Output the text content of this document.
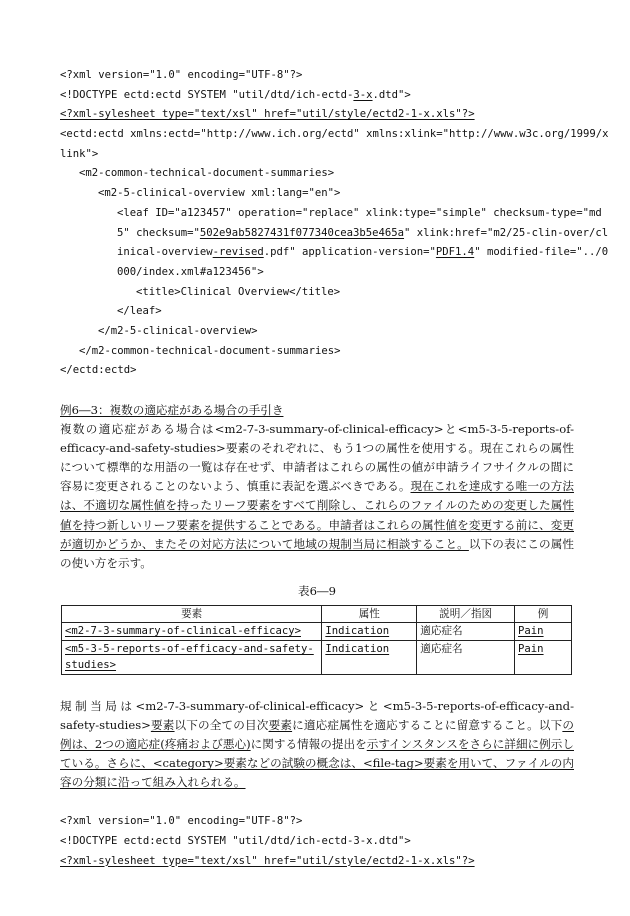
<?xml version="1.0" encoding="UTF-8"?>
<!DOCTYPE ectd:ectd SYSTEM "util/dtd/ich-ectd-3-x.dtd">
<?xml-sylesheet type="text/xsl" href="util/style/ectd2-1-x.xls"?>
<ectd:ectd xmlns:ectd="http://www.ich.org/ectd" xmlns:xlink="http://www.w3c.org/1999/x
link">
<m2-common-technical-document-summaries>
<m2-5-clinical-overview xml:lang="en">
<leaf ID="a123457" operation="replace" xlink:type="simple" checksum-type="md
5" checksum="502e9ab5827431f077340cea3b5e465a" xlink:href="m2/25-clin-over/cl
inical-overview-revised.pdf" application-version="PDF1.4" modified-file="../0
000/index.xml#a123456">
<title>Clinical Overview</title>
</leaf>
</m2-5-clinical-overview>
</m2-common-technical-document-summaries>
</ectd:ectd>
例6―3：複数の適応症がある場合の手引き
複数の適応症がある場合は<m2-7-3-summary-of-clinical-efficacy>と<m5-3-5-reports-of-efficacy-and-safety-studies>要素のそれぞれに、もう1つの属性を使用する。現在これらの属性について標準的な用語の一覧は存在せず、申請者はこれらの属性の値が申請ライフサイクルの間に容易に変更されることのないよう、慎重に表記を選ぶべきである。現在これを達成する唯一の方法は、不適切な属性値を持ったリーフ要素をすべて削除し、これらのファイルのための変更した属性値を持つ新しいリーフ要素を提供することである。申請者はこれらの属性値を変更する前に、変更が適切かどうか、またその対応方法について地域の規制当局に相談すること。以下の表にこの属性の使い方を示す。
表6―9
要素	属性	説明／指図	例
<m2-7-3-summary-of-clinical-efficacy>	Indication	適応症名	Pain
<m5-3-5-reports-of-efficacy-and-safety-studies>	Indication	適応症名	Pain
規制当局は<m2-7-3-summary-of-clinical-efficacy>と<m5-3-5-reports-of-efficacy-and-safety-studies>要素以下の全ての目次要素に適応症属性を適応することに留意すること。以下の例は、2つの適応症(疼痛および悪心)に関する情報の提出を示すインスタンスをさらに詳細に例示している。さらに、<category>要素などの試験の概念は、<file-tag>要素を用いて、ファイルの内容の分類に沿って組み入れられる。
<?xml version="1.0" encoding="UTF-8"?>
<!DOCTYPE ectd:ectd SYSTEM "util/dtd/ich-ectd-3-x.dtd">
<?xml-sylesheet type="text/xsl" href="util/style/ectd2-1-x.xls"?>
